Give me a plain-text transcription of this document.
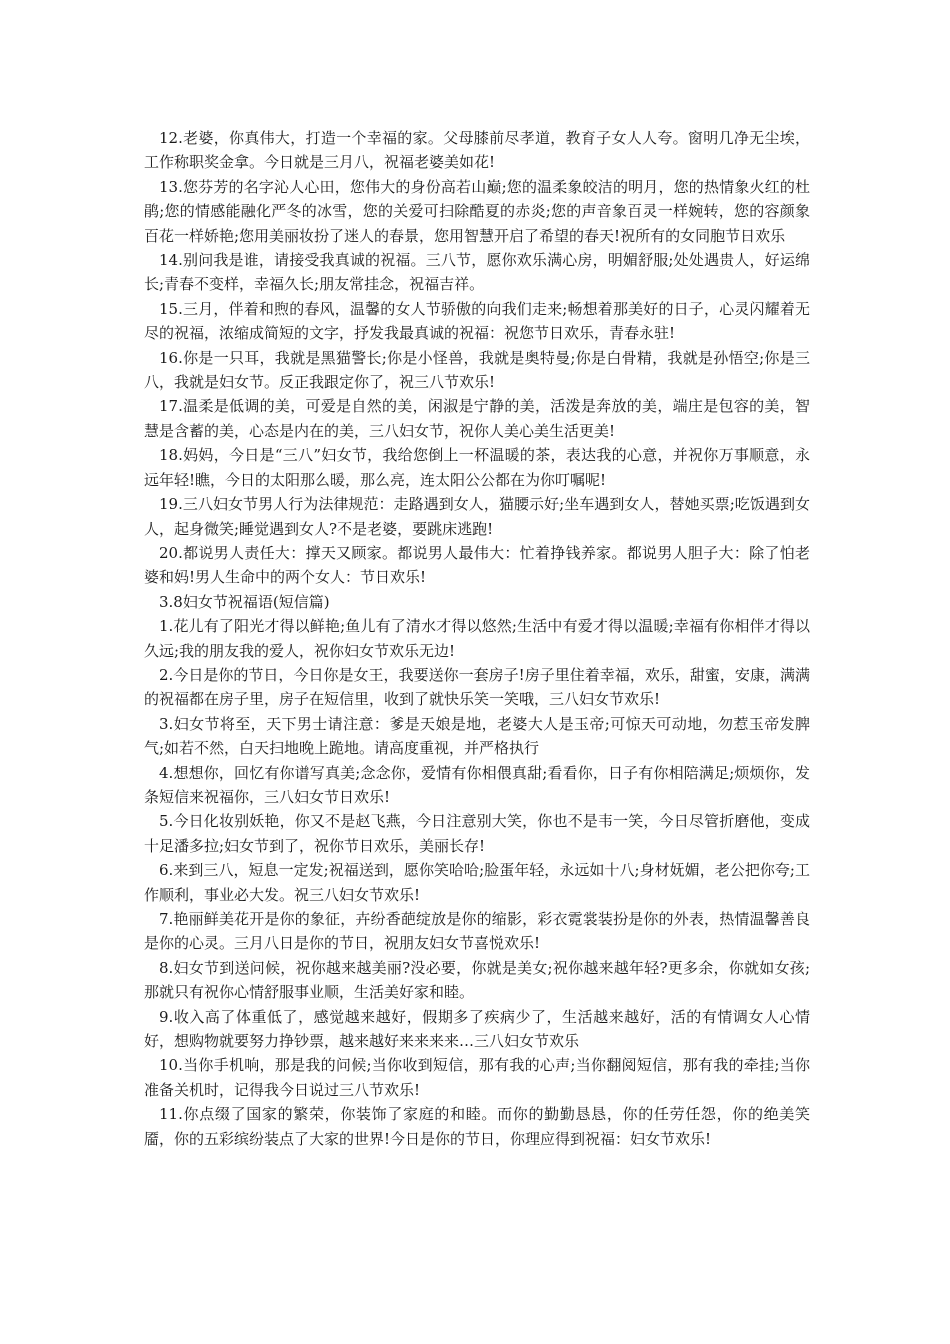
12.老婆，你真伟大，打造一个幸福的家。父母膝前尽孝道，教育子女人人夸。窗明几净无尘埃，工作称职奖金拿。今日就是三月八，祝福老婆美如花!

13.您芬芳的名字沁人心田，您伟大的身份高若山巅;您的温柔象皎洁的明月，您的热情象火红的杜鹃;您的情感能融化严冬的冰雪，您的关爱可扫除酷夏的赤炎;您的声音象百灵一样婉转，您的容颜象百花一样娇艳;您用美丽妆扮了迷人的春景，您用智慧开启了希望的春天!祝所有的女同胞节日欢乐

14.别问我是谁，请接受我真诚的祝福。三八节，愿你欢乐满心房，明媚舒服;处处遇贵人，好运绵长;青春不变样，幸福久长;朋友常挂念，祝福吉祥。

15.三月，伴着和煦的春风，温馨的女人节骄傲的向我们走来;畅想着那美好的日子，心灵闪耀着无尽的祝福，浓缩成简短的文字，抒发我最真诚的祝福：祝您节日欢乐，青春永驻!

16.你是一只耳，我就是黑猫警长;你是小怪兽，我就是奥特曼;你是白骨精，我就是孙悟空;你是三八，我就是妇女节。反正我跟定你了，祝三八节欢乐!

17.温柔是低调的美，可爱是自然的美，闲淑是宁静的美，活泼是奔放的美，端庄是包容的美，智慧是含蓄的美，心态是内在的美，三八妇女节，祝你人美心美生活更美!

18.妈妈，今日是“三八”妇女节，我给您倒上一杯温暖的茶，表达我的心意，并祝你万事顺意，永远年轻!瞧，今日的太阳那么暖，那么亮，连太阳公公都在为你叮嘱呢!

19.三八妇女节男人行为法律规范：走路遇到女人，猫腰示好;坐车遇到女人，替她买票;吃饭遇到女人，起身微笑;睡觉遇到女人?不是老婆，要跳床逃跑!

20.都说男人责任大：撑天又顾家。都说男人最伟大：忙着挣钱养家。都说男人胆子大：除了怕老婆和妈!男人生命中的两个女人：节日欢乐!

3.8妇女节祝福语(短信篇)

1.花儿有了阳光才得以鲜艳;鱼儿有了清水才得以悠然;生活中有爱才得以温暖;幸福有你相伴才得以久远;我的朋友我的爱人，祝你妇女节欢乐无边!

2.今日是你的节日，今日你是女王，我要送你一套房子!房子里住着幸福，欢乐，甜蜜，安康，满满的祝福都在房子里，房子在短信里，收到了就快乐笑一笑哦，三八妇女节欢乐!

3.妇女节将至，天下男士请注意：爹是天娘是地，老婆大人是玉帝;可惊天可动地，勿惹玉帝发脾气;如若不然，白天扫地晚上跪地。请高度重视，并严格执行

4.想想你，回忆有你谱写真美;念念你，爱情有你相偎真甜;看看你，日子有你相陪满足;烦烦你，发条短信来祝福你，三八妇女节日欢乐!

5.今日化妆别妖艳，你又不是赵飞燕，今日注意别大笑，你也不是韦一笑，今日尽管折磨他，变成十足潘多拉;妇女节到了，祝你节日欢乐，美丽长存!

6.来到三八，短息一定发;祝福送到，愿你笑哈哈;脸蛋年轻，永远如十八;身材妩媚，老公把你夸;工作顺利，事业必大发。祝三八妇女节欢乐!

7.艳丽鲜美花开是你的象征，卉纷香葩绽放是你的缩影，彩衣霓裳装扮是你的外表，热情温馨善良是你的心灵。三月八日是你的节日，祝朋友妇女节喜悦欢乐!

8.妇女节到送问候，祝你越来越美丽?没必要，你就是美女;祝你越来越年轻?更多余，你就如女孩;那就只有祝你心情舒服事业顺，生活美好家和睦。

9.收入高了体重低了，感觉越来越好，假期多了疾病少了，生活越来越好，活的有情调女人心情好，想购物就要努力挣钞票，越来越好来来来来…三八妇女节欢乐

10.当你手机响，那是我的问候;当你收到短信，那有我的心声;当你翻阅短信，那有我的牵挂;当你准备关机时，记得我今日说过三八节欢乐!

11.你点缀了国家的繁荣，你装饰了家庭的和睦。而你的勤勤恳恳，你的任劳任怨，你的绝美笑靥，你的五彩缤纷装点了大家的世界!今日是你的节日，你理应得到祝福：妇女节欢乐!
